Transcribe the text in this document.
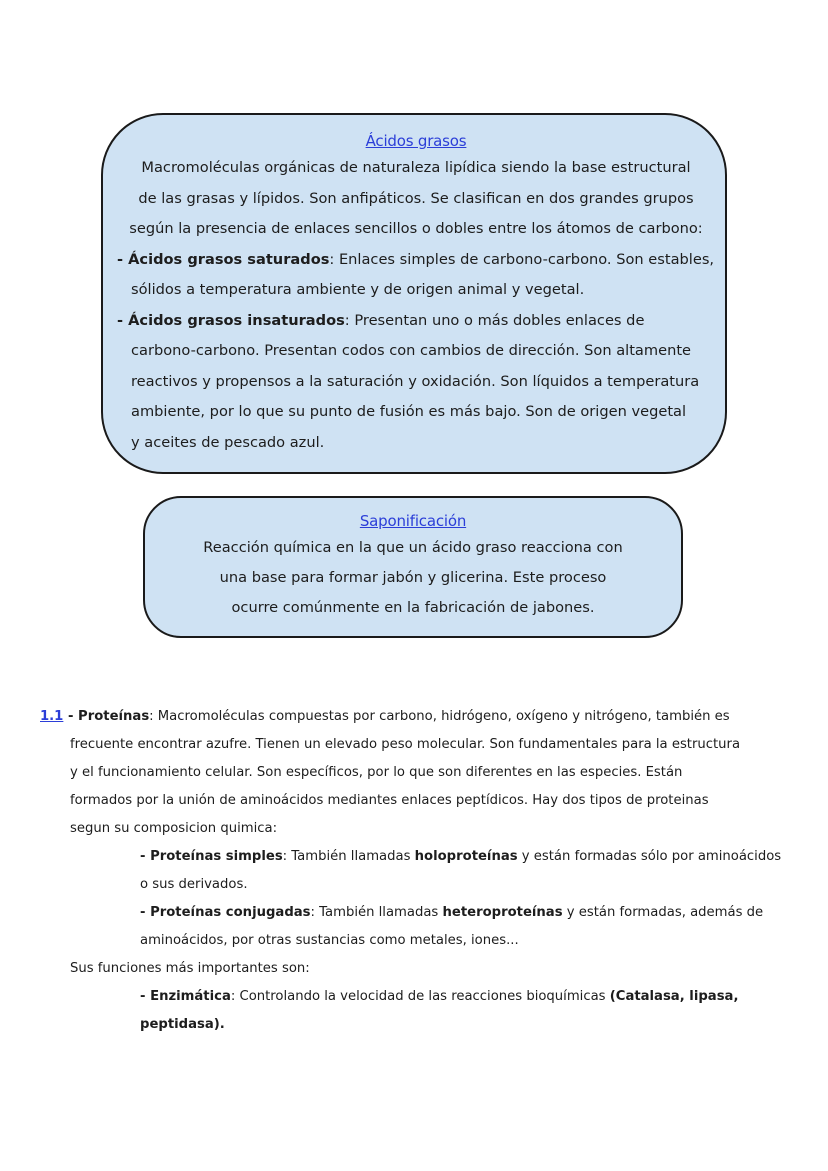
Ácidos grasos
Macromoléculas orgánicas de naturaleza lipídica siendo la base estructural
de las grasas y lípidos. Son anfipáticos. Se clasifican en dos grandes grupos
según la presencia de enlaces sencillos o dobles entre los átomos de carbono:
- Ácidos grasos saturados: Enlaces simples de carbono-carbono. Son estables,
sólidos a temperatura ambiente y de origen animal y vegetal.
- Ácidos grasos insaturados: Presentan uno o más dobles enlaces de
carbono-carbono. Presentan codos con cambios de dirección. Son altamente
reactivos y propensos a la saturación y oxidación. Son líquidos a temperatura
ambiente, por lo que su punto de fusión es más bajo. Son de origen vegetal
y aceites de pescado azul.
Saponificación
Reacción química en la que un ácido graso reacciona con
una base para formar jabón y glicerina. Este proceso
ocurre comúnmente en la fabricación de jabones.
1.1 - Proteínas: Macromoléculas compuestas por carbono, hidrógeno, oxígeno y nitrógeno, también es
frecuente encontrar azufre. Tienen un elevado peso molecular. Son fundamentales para la estructura
y el funcionamiento celular. Son específicos, por lo que son diferentes en las especies. Están
formados por la unión de aminoácidos mediantes enlaces peptídicos. Hay dos tipos de proteinas
segun su composicion quimica:
- Proteínas simples: También llamadas holoproteínas y están formadas sólo por aminoácidos
o sus derivados.
- Proteínas conjugadas: También llamadas heteroproteínas y están formadas, además de
aminoácidos, por otras sustancias como metales, iones...
Sus funciones más importantes son:
- Enzimática: Controlando la velocidad de las reacciones bioquímicas (Catalasa, lipasa,
peptidasa).
